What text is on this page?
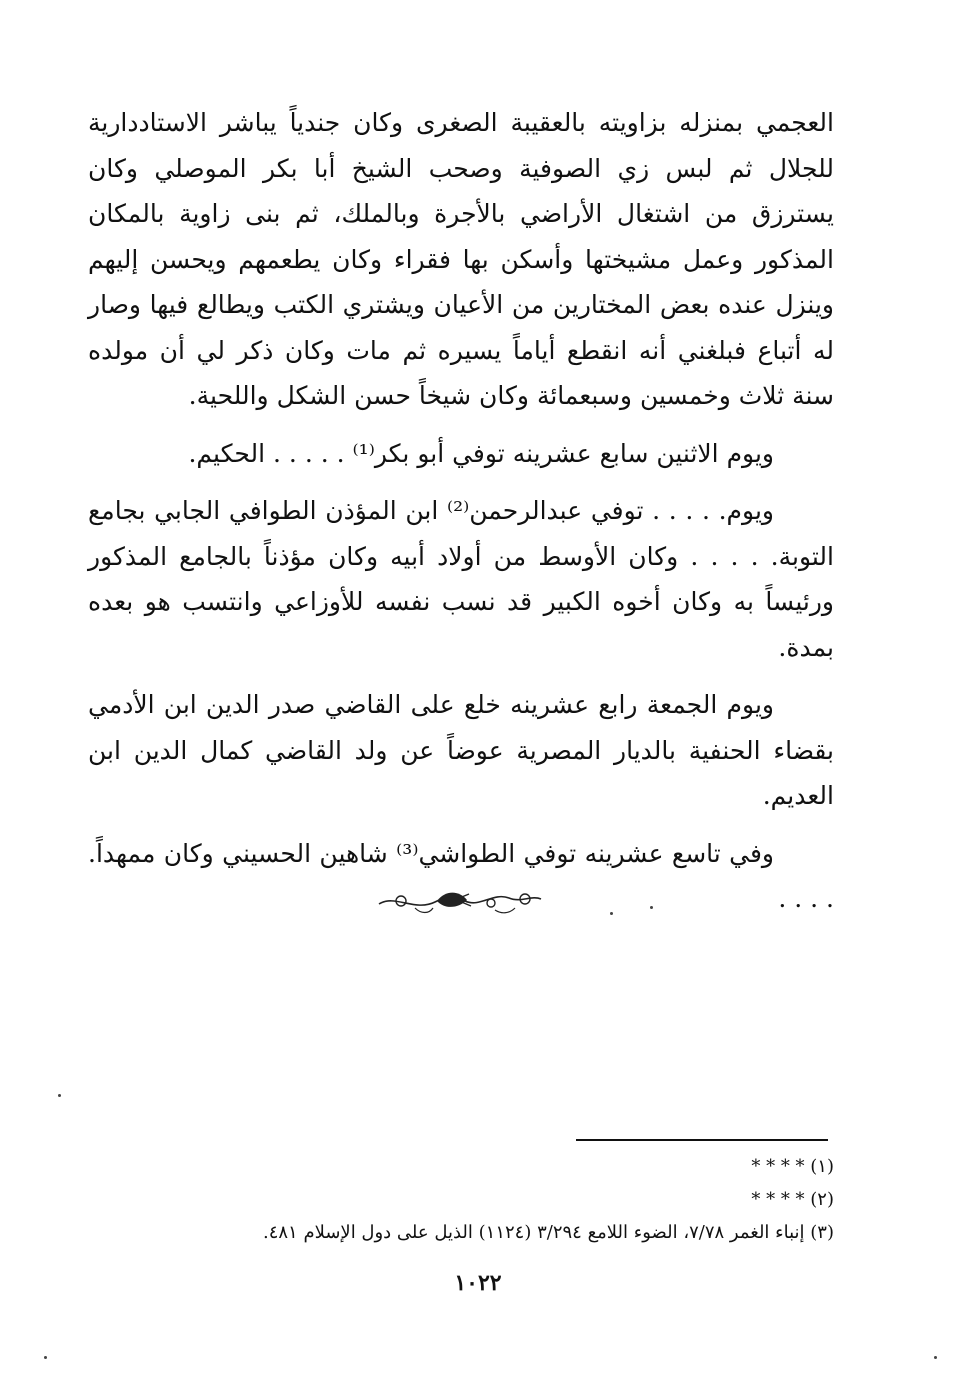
العجمي بمنزله بزاويته بالعقيبة الصغرى وكان جندياً يباشر الاستاددارية للجلال ثم لبس زي الصوفية وصحب الشيخ أبا بكر الموصلي وكان يسترزق من اشتغال الأراضي بالأجرة وبالملك، ثم بنى زاوية بالمكان المذكور وعمل مشيختها وأسكن بها فقراء وكان يطعمهم ويحسن إليهم وينزل عنده بعض المختارين من الأعيان ويشتري الكتب ويطالع فيها وصار له أتباع فبلغني أنه انقطع أياماً يسيره ثم مات وكان ذكر لي أن مولده سنة ثلاث وخمسين وسبعمائة وكان شيخاً حسن الشكل واللحية.

ويوم الاثنين سابع عشرينه توفي أبو بكر⁽¹⁾ . . . . . الحكيم.

ويوم. . . . . توفي عبدالرحمن⁽²⁾ ابن المؤذن الطوافي الجابي بجامع التوبة. . . . . وكان الأوسط من أولاد أبيه وكان مؤذناً بالجامع المذكور ورئيساً به وكان أخوه الكبير قد نسب نفسه للأوزاعي وانتسب هو بعده بمدة.

ويوم الجمعة رابع عشرينه خلع على القاضي صدر الدين ابن الأدمي بقضاء الحنفية بالديار المصرية عوضاً عن ولد القاضي كمال الدين ابن العديم.

وفي تاسع عشرينه توفي الطواشي⁽³⁾ شاهين الحسيني وكان ممهداً. . . . .

(١) * * * *

(٢) * * * *

(٣) إنباء الغمر ٧/٧٨، الضوء اللامع ٣/٢٩٤ (١١٢٤) الذيل على دول الإسلام ٤٨١.

١٠٢٢
